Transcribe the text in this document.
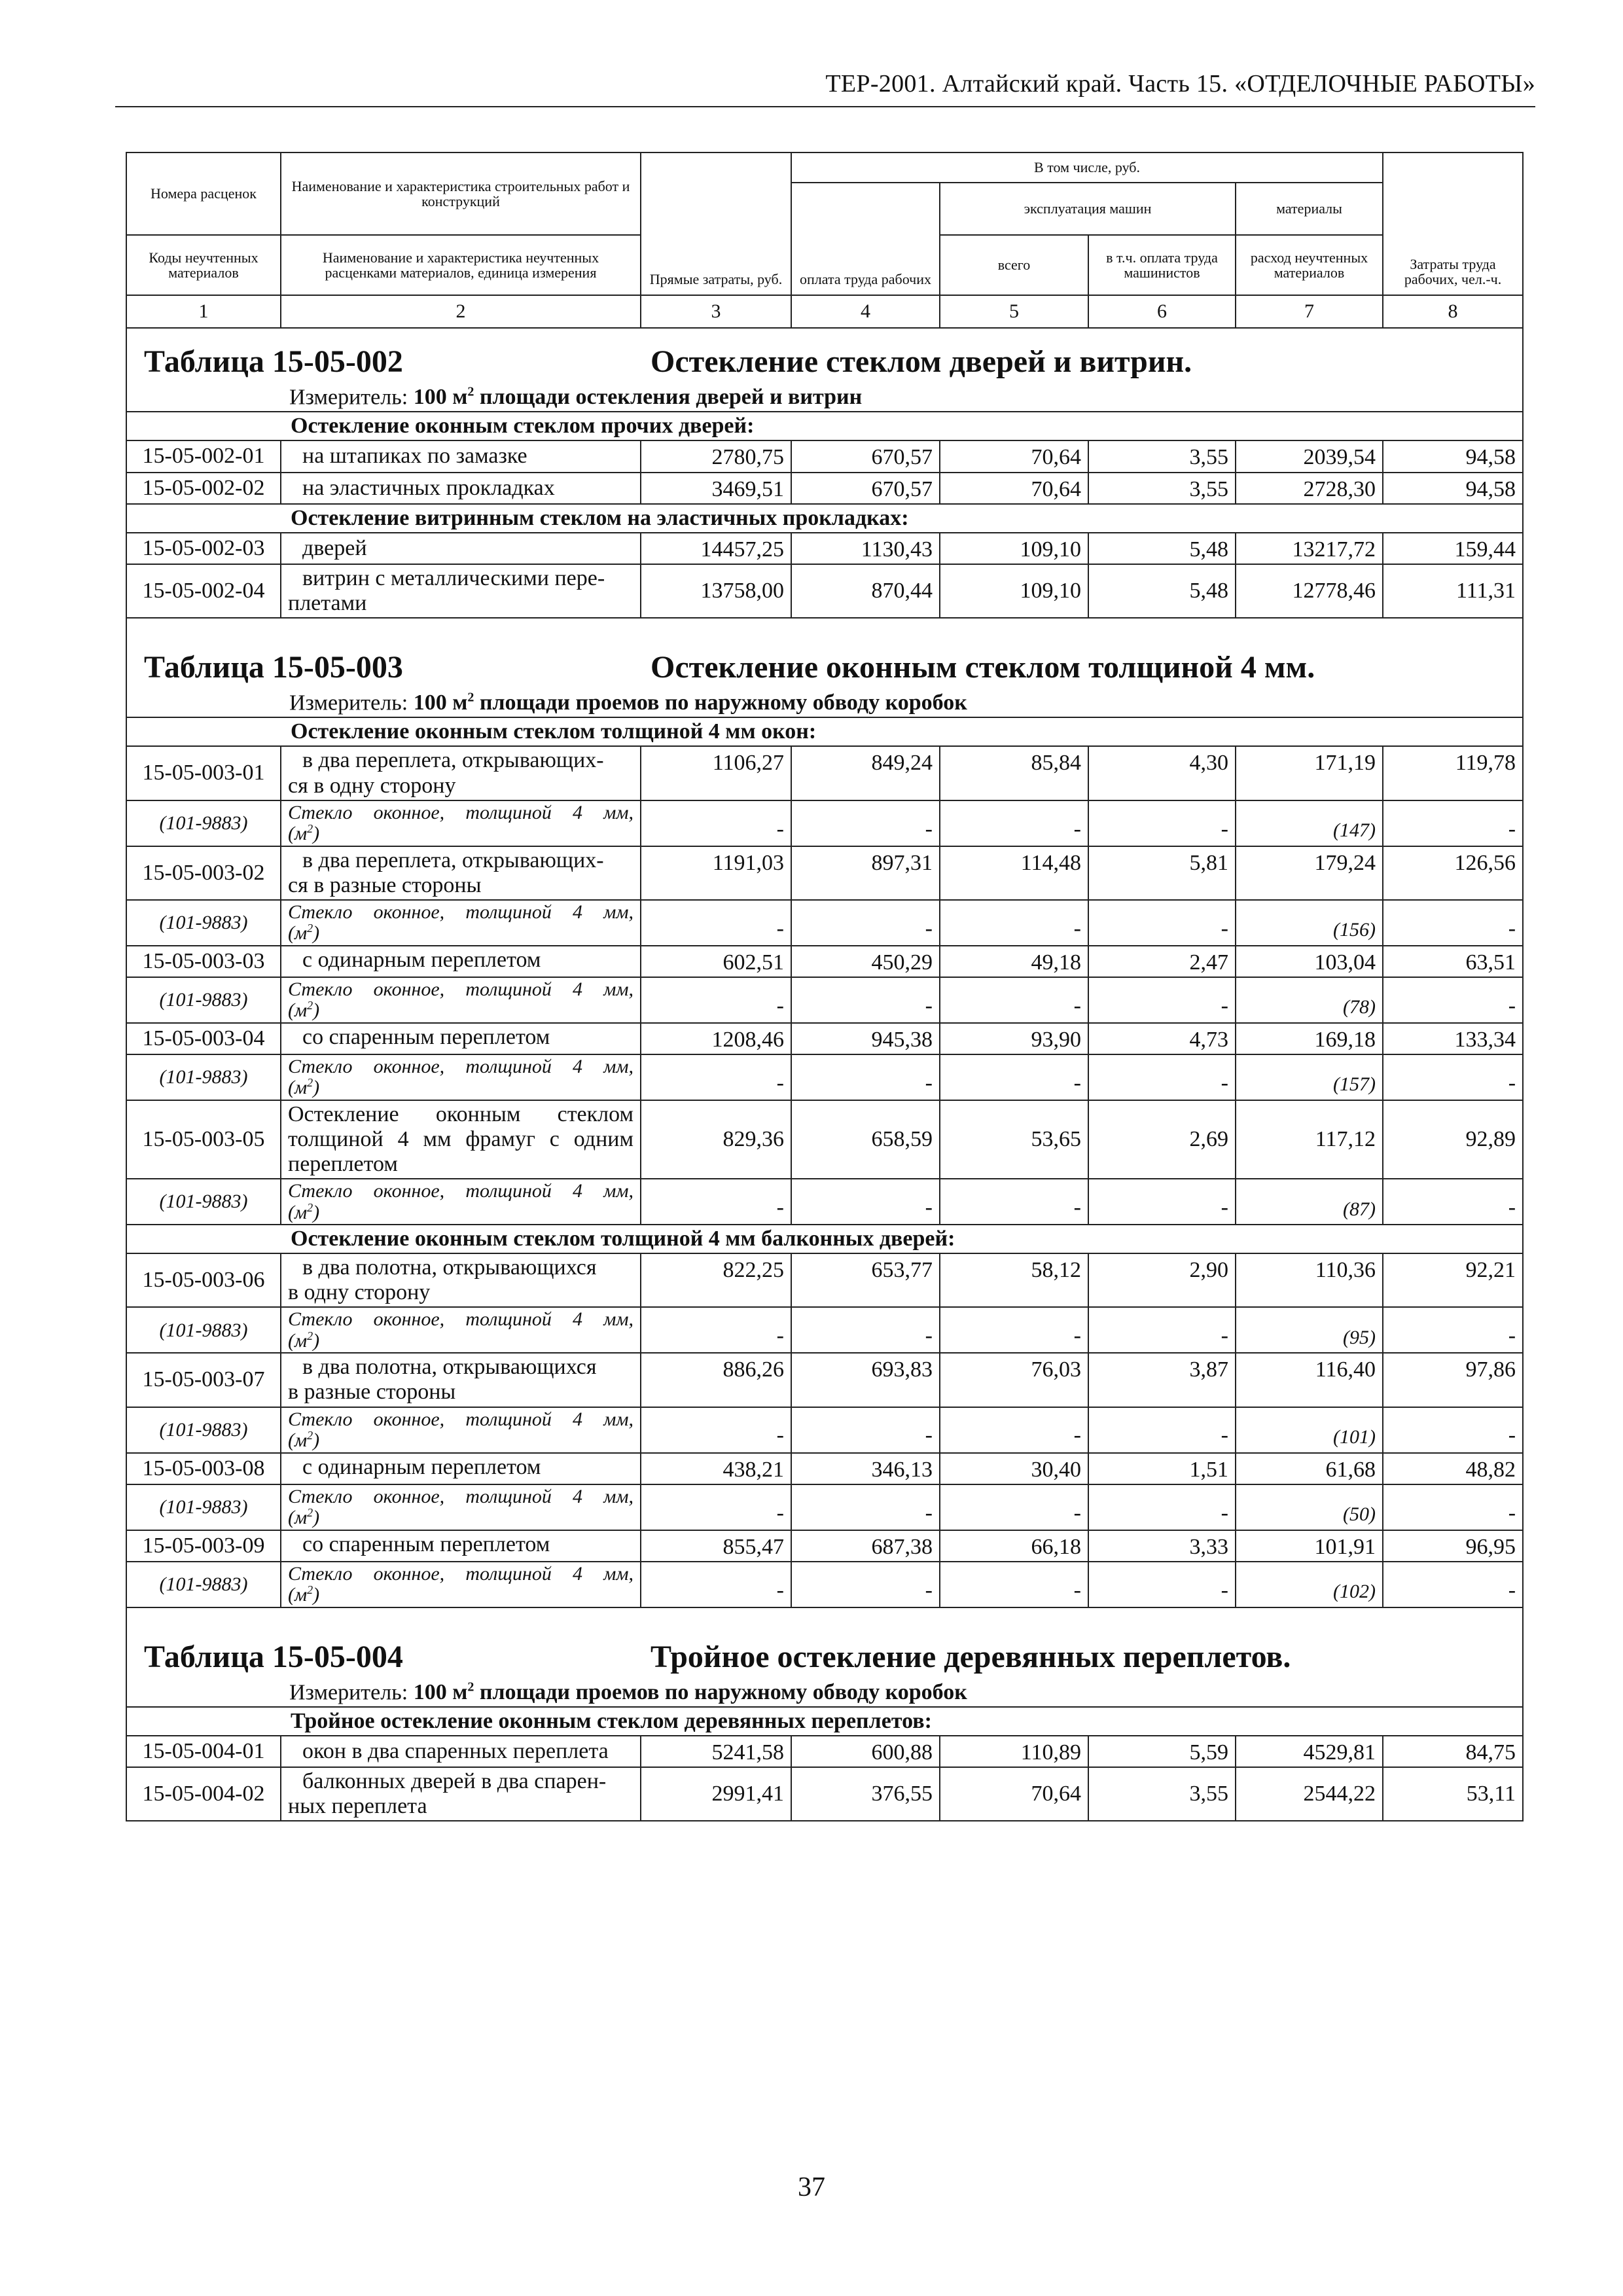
ТЕР-2001. Алтайский край. Часть 15. «ОТДЕЛОЧНЫЕ РАБОТЫ»
Номера расценок	Наименование и характеристика строительных работ и конструкций	Прямые затраты, руб.	В том числе, руб.				Затраты труда рабочих, чел.-ч.
			оплата труда рабочих	эксплуатация машин		материалы	
Коды неучтенных материалов	Наименование и характеристика неучтенных расценками материалов, единица измерения			всего	в т.ч. оплата труда машинистов	расход неучтенных материалов	
1	2	3	4	5	6	7	8

Таблица 15-05-002 Остекление стеклом дверей и витрин.							

Измеритель: 100 $м^2$ площади остекления дверей и витрин							
Остекление оконным стеклом прочих дверей:							
15-05-002-01	на штапиках по замазке	2780,75	670,57	70,64	3,55	2039,54	94,58
15-05-002-02	на эластичных прокладках	3469,51	670,57	70,64	3,55	2728,30	94,58
Остекление витринным стеклом на эластичных прокладках:							
15-05-002-03	дверей	14457,25	1130,43	109,10	5,48	13217,72	159,44
15-05-002-04	витрин с металлическими пере-
плетами	13758,00	870,44	109,10	5,48	12778,46	111,31

Таблица 15-05-003 Остекление оконным стеклом толщиной 4 мм.							

Измеритель: 100 $м^2$ площади проемов по наружному обводу коробок							
Остекление оконным стеклом толщиной 4 мм окон:							
15-05-003-01	в два переплета, открывающих-
ся в одну сторону	1106,27	849,24	85,84	4,30	171,19	119,78
(101-9883)	Стекло оконное, толщиной 4 мм,
$(м^2)$	-	-	-	-	(147)	-
15-05-003-02	в два переплета, открывающих-
ся в разные стороны	1191,03	897,31	114,48	5,81	179,24	126,56
(101-9883)	Стекло оконное, толщиной 4 мм,
$(м^2)$	-	-	-	-	(156)	-
15-05-003-03	с одинарным переплетом	602,51	450,29	49,18	2,47	103,04	63,51
(101-9883)	Стекло оконное, толщиной 4 мм,
$(м^2)$	-	-	-	-	(78)	-
15-05-003-04	со спаренным переплетом	1208,46	945,38	93,90	4,73	169,18	133,34
(101-9883)	Стекло оконное, толщиной 4 мм,
$(м^2)$	-	-	-	-	(157)	-
15-05-003-05	Остекление оконным стеклом
толщиной 4 мм фрамуг с одним
переплетом	829,36	658,59	53,65	2,69	117,12	92,89
(101-9883)	Стекло оконное, толщиной 4 мм,
$(м^2)$	-	-	-	-	(87)	-
Остекление оконным стеклом толщиной 4 мм балконных дверей:							
15-05-003-06	в два полотна, открывающихся
в одну сторону	822,25	653,77	58,12	2,90	110,36	92,21
(101-9883)	Стекло оконное, толщиной 4 мм,
$(м^2)$	-	-	-	-	(95)	-
15-05-003-07	в два полотна, открывающихся
в разные стороны	886,26	693,83	76,03	3,87	116,40	97,86
(101-9883)	Стекло оконное, толщиной 4 мм,
$(м^2)$	-	-	-	-	(101)	-
15-05-003-08	с одинарным переплетом	438,21	346,13	30,40	1,51	61,68	48,82
(101-9883)	Стекло оконное, толщиной 4 мм,
$(м^2)$	-	-	-	-	(50)	-
15-05-003-09	со спаренным переплетом	855,47	687,38	66,18	3,33	101,91	96,95
(101-9883)	Стекло оконное, толщиной 4 мм,
$(м^2)$	-	-	-	-	(102)	-

Таблица 15-05-004 Тройное остекление деревянных переплетов.							

Измеритель: 100 $м^2$ площади проемов по наружному обводу коробок							
Тройное остекление оконным стеклом деревянных переплетов:							
15-05-004-01	окон в два спаренных переплета	5241,58	600,88	110,89	5,59	4529,81	84,75
15-05-004-02	балконных дверей в два спарен-
ных переплета	2991,41	376,55	70,64	3,55	2544,22	53,11
37
